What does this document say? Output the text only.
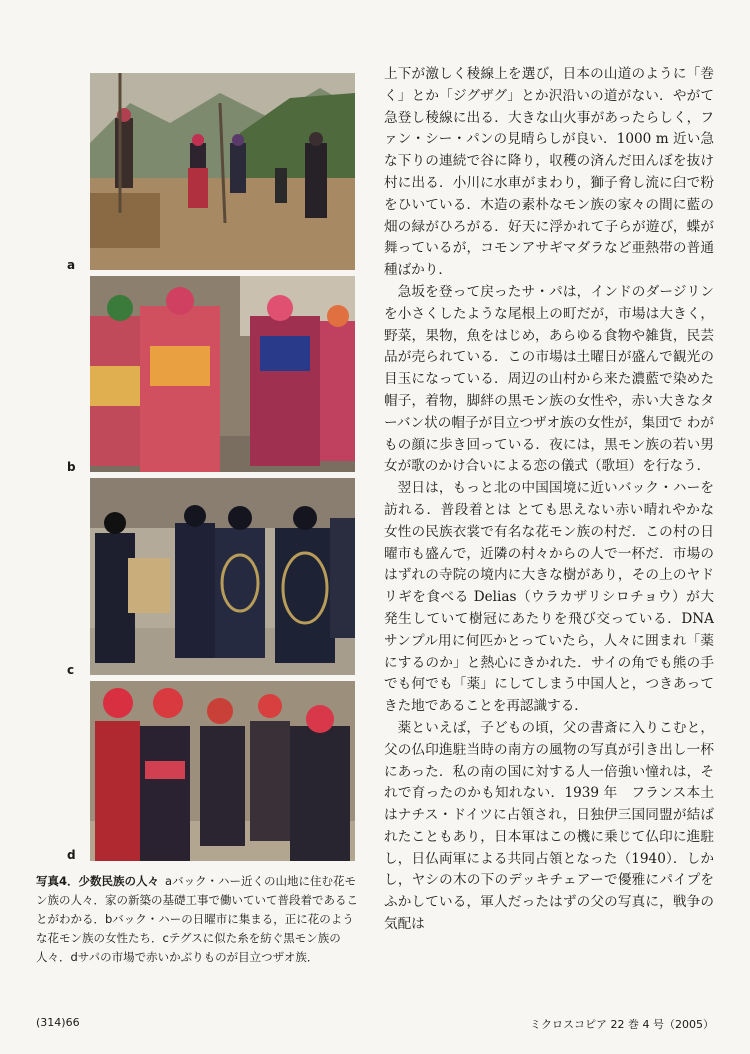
a
b
c
d
写真4．少数民族の人々 aバック・ハー近くの山地に住む花モン族の人々．家の新築の基礎工事で働いていて普段着であることがわかる．bバック・ハーの日曜市に集まる，正に花のような花モン族の女性たち．cテグスに似た糸を紡ぐ黒モン族の人々．dサパの市場で赤いかぶりものが目立つザオ族．

上下が激しく稜線上を選び，日本の山道のように「巻く」とか「ジグザグ」とか沢沿いの道がない．やがて急登し稜線に出る．大きな山火事があったらしく，ファン・シー・パンの見晴らしが良い．1000 m 近い急な下りの連続で谷に降り，収穫の済んだ田んぼを抜け村に出る．小川に水車がまわり，獅子脅し流に臼で粉をひいている．木造の素朴なモン族の家々の間に藍の畑の緑がひろがる．好天に浮かれて子らが遊び，蝶が舞っているが，コモンアサギマダラなど亜熱帯の普通種ばかり．

急坂を登って戻ったサ・パは，インドのダージリンを小さくしたような尾根上の町だが，市場は大きく，野菜，果物，魚をはじめ，あらゆる食物や雑貨，民芸品が売られている．この市場は土曜日が盛んで観光の目玉になっている．周辺の山村から来た濃藍で染めた帽子，着物，脚絆の黒モン族の女性や，赤い大きなターバン状の帽子が目立つザオ族の女性が，集団で わがもの顔に歩き回っている．夜には，黒モン族の若い男女が歌のかけ合いによる恋の儀式（歌垣）を行なう．

翌日は，もっと北の中国国境に近いバック・ハーを訪れる．普段着とは とても思えない赤い晴れやかな女性の民族衣裳で有名な花モン族の村だ．この村の日曜市も盛んで，近隣の村々からの人で一杯だ．市場のはずれの寺院の境内に大きな樹があり，その上のヤドリギを食べる Delias（ウラカザリシロチョウ）が大発生していて樹冠にあたりを飛び交っている．DNA サンプル用に何匹かとっていたら，人々に囲まれ「薬にするのか」と熱心にきかれた．サイの角でも熊の手でも何でも「薬」にしてしまう中国人と，つきあってきた地であることを再認識する．

薬といえば，子どもの頃，父の書斎に入りこむと，父の仏印進駐当時の南方の風物の写真が引き出し一杯にあった．私の南の国に対する人一倍強い憧れは，それで育ったのかも知れない．1939 年　フランス本土はナチス・ドイツに占領され，日独伊三国同盟が結ばれたこともあり，日本軍はこの機に乗じて仏印に進駐し，日仏両軍による共同占領となった（1940）．しかし，ヤシの木の下のデッキチェアーで優雅にパイプをふかしている，軍人だったはずの父の写真に，戦争の気配は

(314)66	ミクロスコピア 22 巻 4 号（2005）
